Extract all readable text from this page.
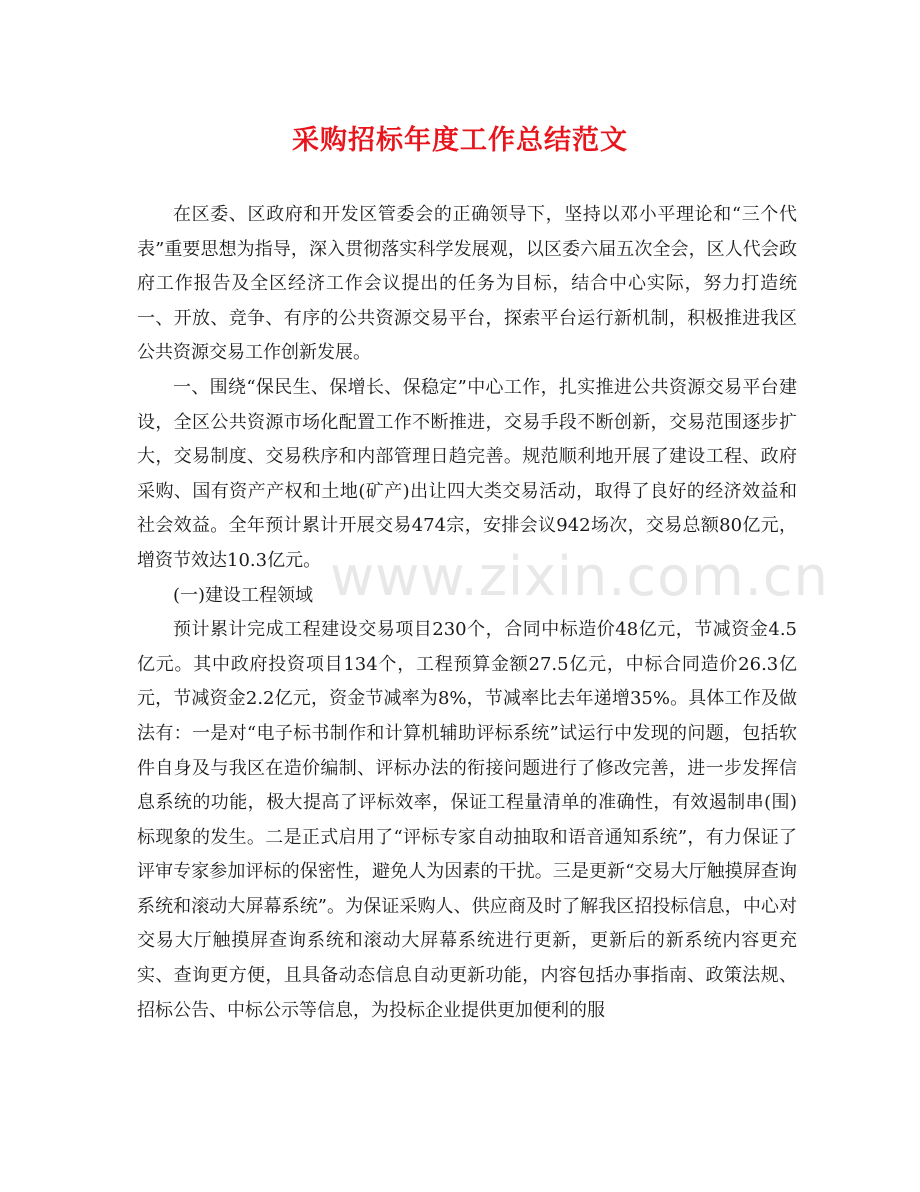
采购招标年度工作总结范文

在区委、区政府和开发区管委会的正确领导下，坚持以邓小平理论和“三个代表”重要思想为指导，深入贯彻落实科学发展观，以区委六届五次全会，区人代会政府工作报告及全区经济工作会议提出的任务为目标，结合中心实际，努力打造统一、开放、竞争、有序的公共资源交易平台，探索平台运行新机制，积极推进我区公共资源交易工作创新发展。

一、围绕“保民生、保增长、保稳定”中心工作，扎实推进公共资源交易平台建设，全区公共资源市场化配置工作不断推进，交易手段不断创新，交易范围逐步扩大，交易制度、交易秩序和内部管理日趋完善。规范顺利地开展了建设工程、政府采购、国有资产产权和土地(矿产)出让四大类交易活动，取得了良好的经济效益和社会效益。全年预计累计开展交易474宗，安排会议942场次，交易总额80亿元，增资节效达10.3亿元。

(一)建设工程领域

预计累计完成工程建设交易项目230个，合同中标造价48亿元，节减资金4.5亿元。其中政府投资项目134个，工程预算金额27.5亿元，中标合同造价26.3亿元，节减资金2.2亿元，资金节减率为8%，节减率比去年递增35%。具体工作及做法有：一是对“电子标书制作和计算机辅助评标系统”试运行中发现的问题，包括软件自身及与我区在造价编制、评标办法的衔接问题进行了修改完善，进一步发挥信息系统的功能，极大提高了评标效率，保证工程量清单的准确性，有效遏制串(围)标现象的发生。二是正式启用了“评标专家自动抽取和语音通知系统”，有力保证了评审专家参加评标的保密性，避免人为因素的干扰。三是更新“交易大厅触摸屏查询系统和滚动大屏幕系统”。为保证采购人、供应商及时了解我区招投标信息，中心对交易大厅触摸屏查询系统和滚动大屏幕系统进行更新，更新后的新系统内容更充实、查询更方便，且具备动态信息自动更新功能，内容包括办事指南、政策法规、招标公告、中标公示等信息，为投标企业提供更加便利的服

www.zixin.com.cn
